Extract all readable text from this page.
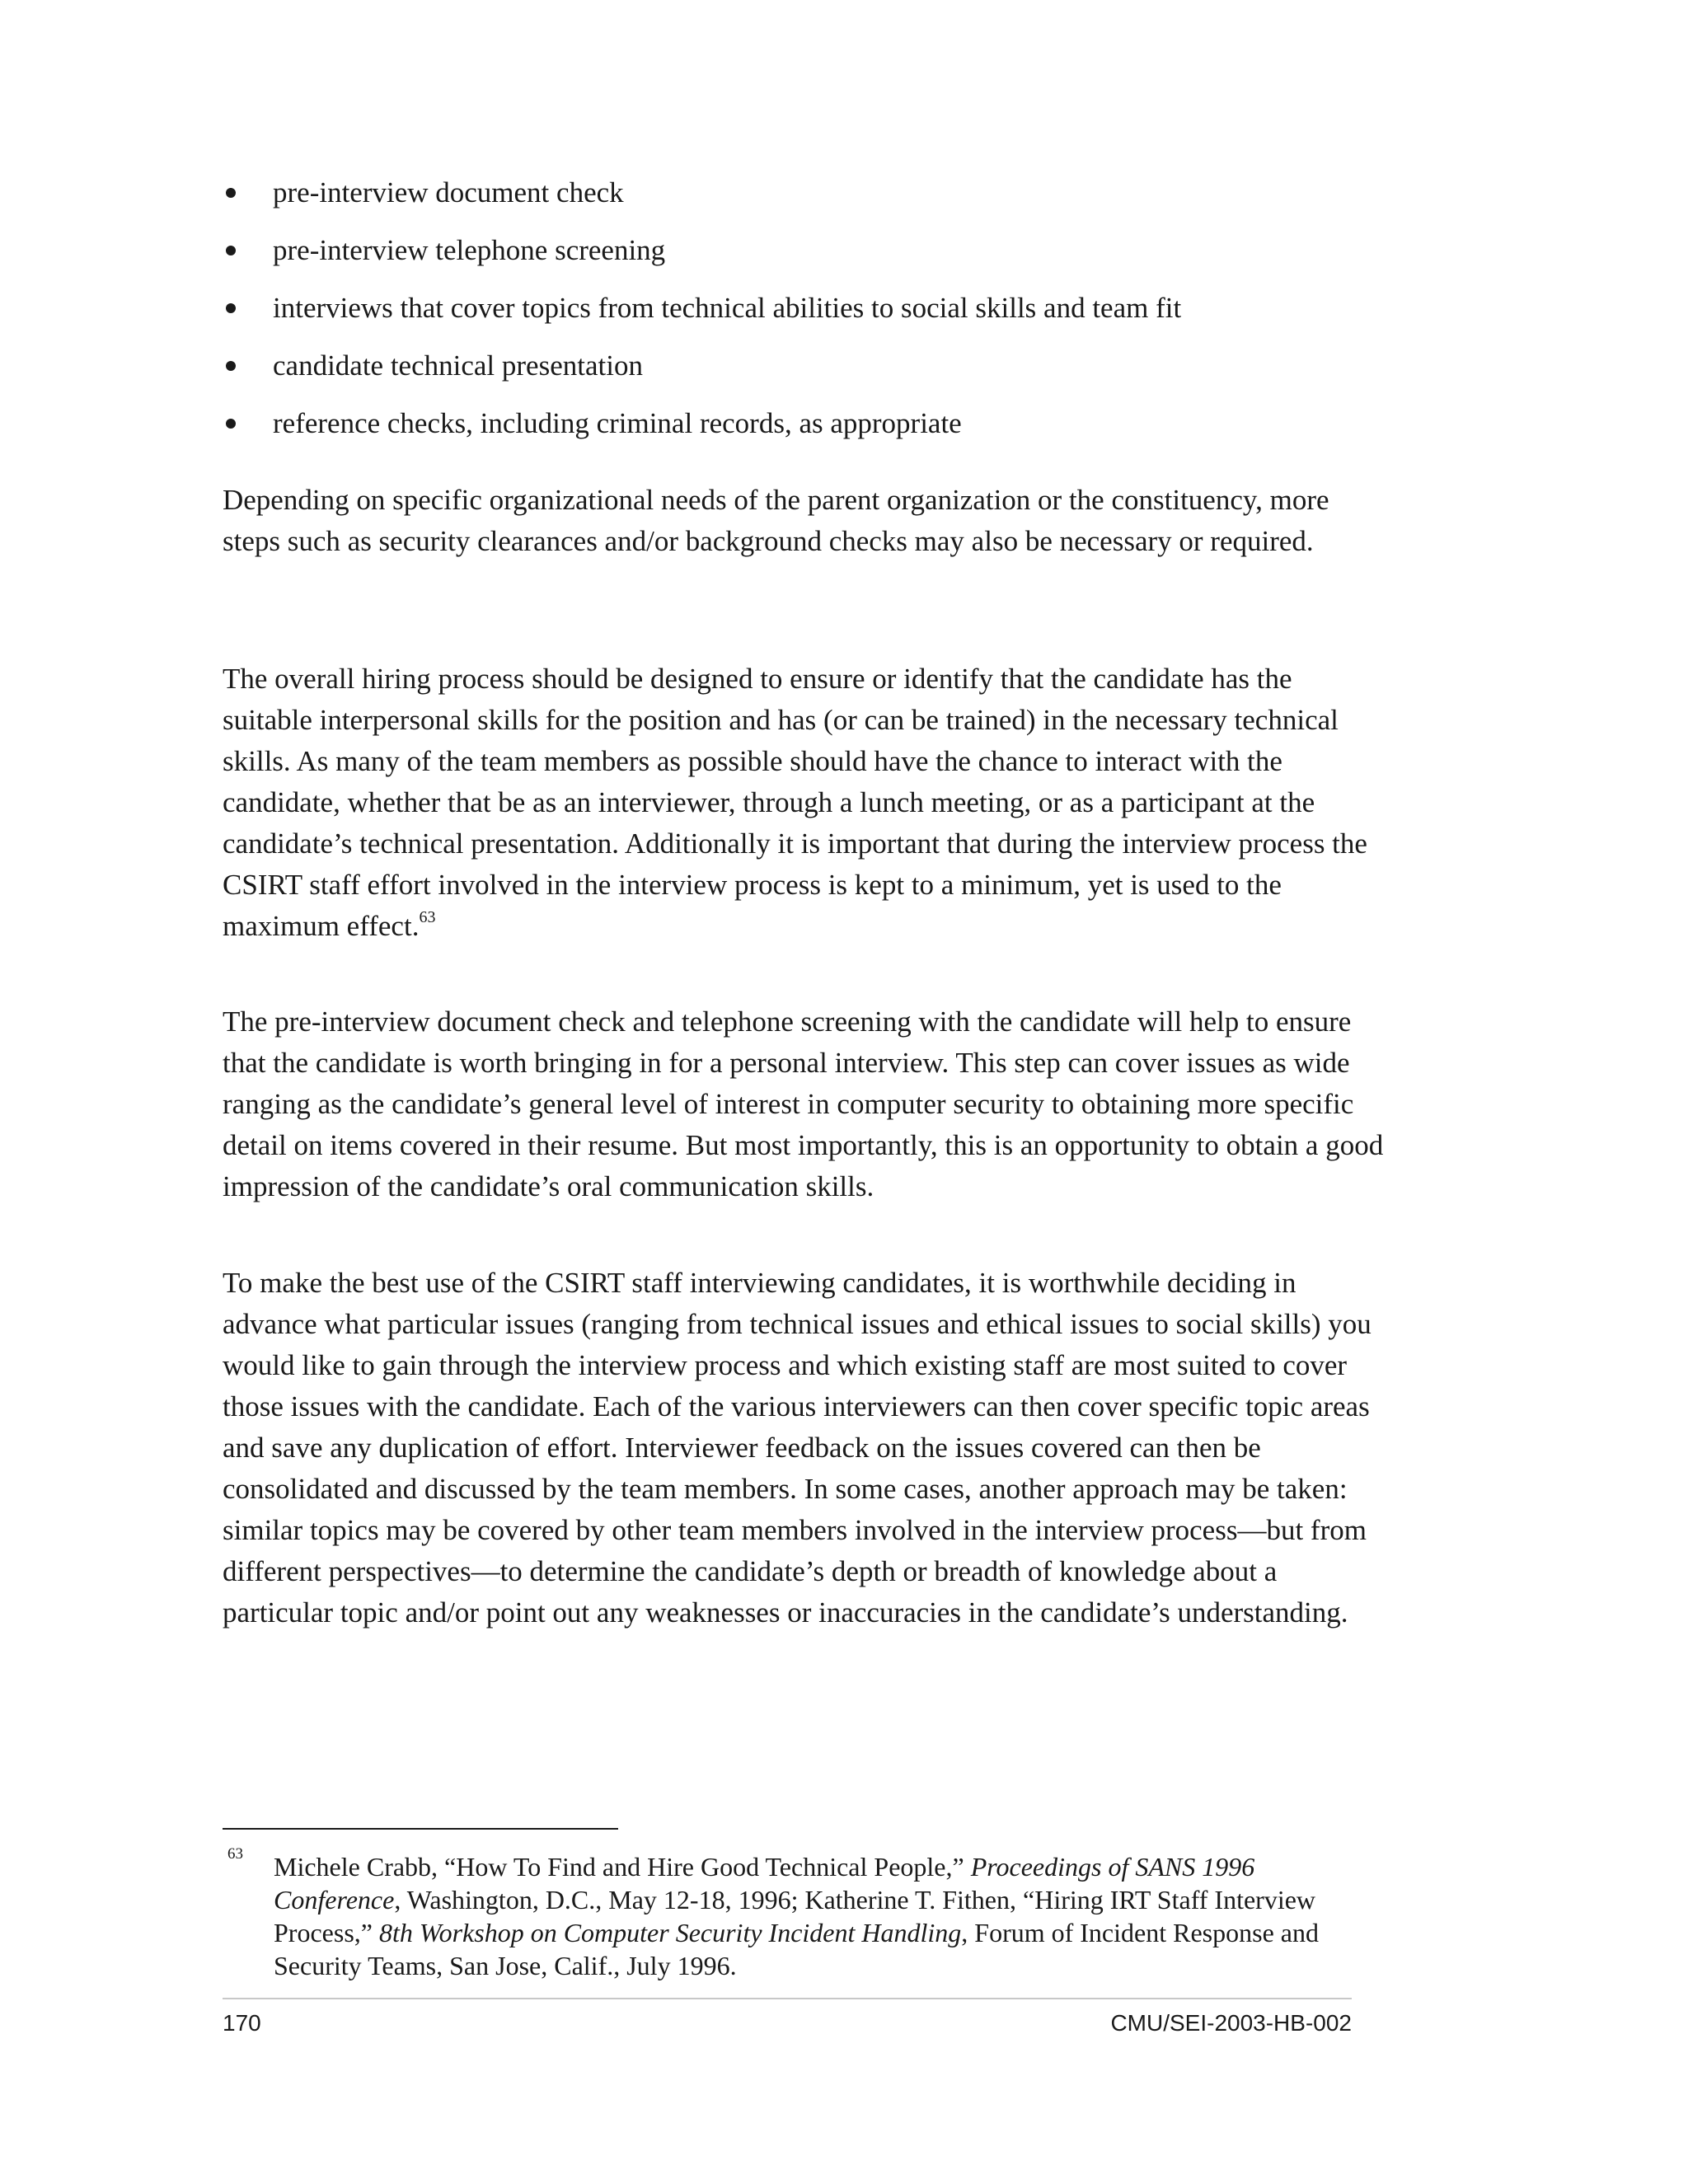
pre-interview document check
pre-interview telephone screening
interviews that cover topics from technical abilities to social skills and team fit
candidate technical presentation
reference checks, including criminal records, as appropriate

Depending on specific organizational needs of the parent organization or the constituency, more steps such as security clearances and/or background checks may also be necessary or required.

The overall hiring process should be designed to ensure or identify that the candidate has the suitable interpersonal skills for the position and has (or can be trained) in the necessary technical skills. As many of the team members as possible should have the chance to interact with the candidate, whether that be as an interviewer, through a lunch meeting, or as a participant at the candidate’s technical presentation. Additionally it is important that during the interview process the CSIRT staff effort involved in the interview process is kept to a minimum, yet is used to the maximum effect.$^{63}$

The pre-interview document check and telephone screening with the candidate will help to ensure that the candidate is worth bringing in for a personal interview. This step can cover issues as wide ranging as the candidate’s general level of interest in computer security to obtaining more specific detail on items covered in their resume. But most importantly, this is an opportunity to obtain a good impression of the candidate’s oral communication skills.

To make the best use of the CSIRT staff interviewing candidates, it is worthwhile deciding in advance what particular issues (ranging from technical issues and ethical issues to social skills) you would like to gain through the interview process and which existing staff are most suited to cover those issues with the candidate. Each of the various interviewers can then cover specific topic areas and save any duplication of effort. Interviewer feedback on the issues covered can then be consolidated and discussed by the team members. In some cases, another approach may be taken: similar topics may be covered by other team members involved in the interview process—but from different perspectives—to determine the candidate’s depth or breadth of knowledge about a particular topic and/or point out any weaknesses or inaccuracies in the candidate’s understanding.

63 Michele Crabb, “How To Find and Hire Good Technical People,” Proceedings of SANS 1996 Conference, Washington, D.C., May 12-18, 1996; Katherine T. Fithen, “Hiring IRT Staff Interview Process,” 8th Workshop on Computer Security Incident Handling, Forum of Incident Response and Security Teams, San Jose, Calif., July 1996.
170	CMU/SEI-2003-HB-002
